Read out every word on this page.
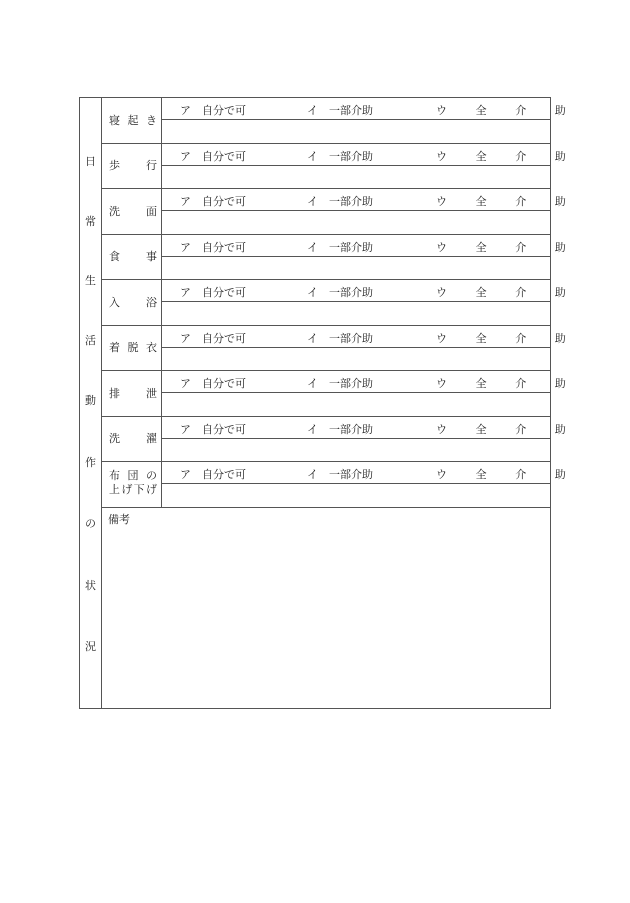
日
常
生
活
動
作
の
状
況
寝起き
ア　自分で可	イ　一部介助	ウ　全　介　助
歩行
ア　自分で可	イ　一部介助	ウ　全　介　助
洗面
ア　自分で可	イ　一部介助	ウ　全　介　助
食事
ア　自分で可	イ　一部介助	ウ　全　介　助
入浴
ア　自分で可	イ　一部介助	ウ　全　介　助
着脱衣
ア　自分で可	イ　一部介助	ウ　全　介　助
排泄
ア　自分で可	イ　一部介助	ウ　全　介　助
洗濯
ア　自分で可	イ　一部介助	ウ　全　介　助
布団の
上げ下げ
ア　自分で可	イ　一部介助	ウ　全　介　助
備考
